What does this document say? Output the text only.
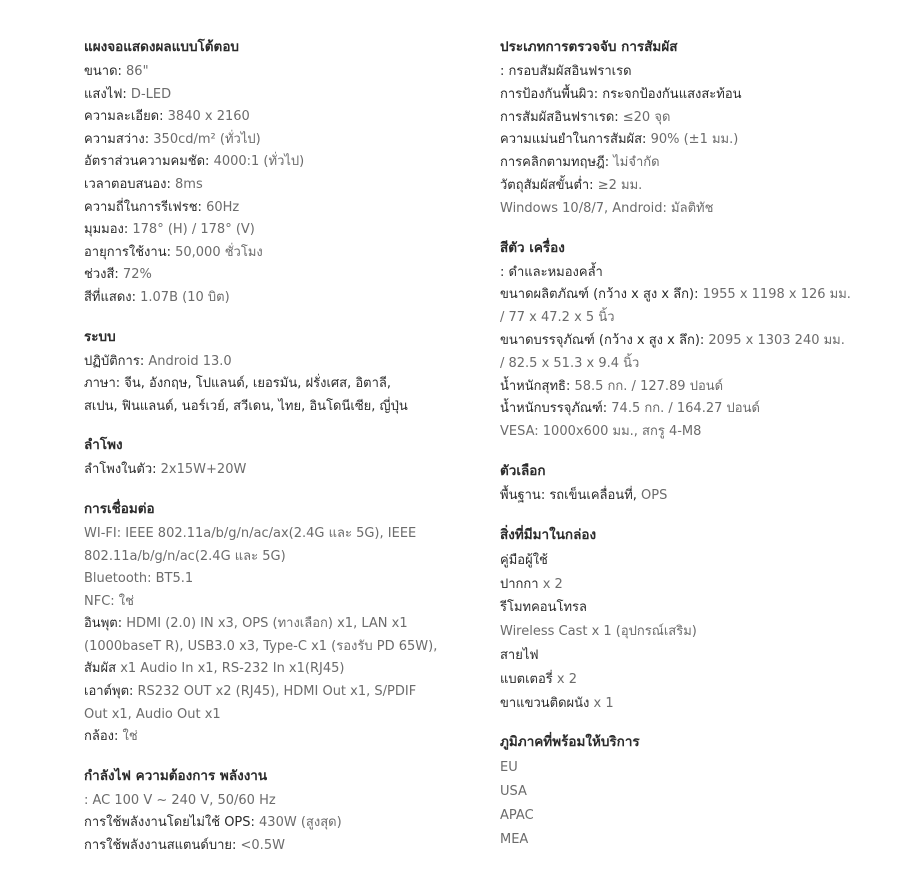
แผงจอแสดงผลแบบโต้ตอบ
ขนาด: 86"
แสงไฟ: D-LED
ความละเอียด: 3840 x 2160
ความสว่าง: 350cd/m² (ทั่วไป)
อัตราส่วนความคมชัด: 4000:1 (ทั่วไป)
เวลาตอบสนอง: 8ms
ความถี่ในการรีเฟรช: 60Hz
มุมมอง: 178° (H) / 178° (V)
อายุการใช้งาน: 50,000 ชั่วโมง
ช่วงสี: 72%
สีที่แสดง: 1.07B (10 บิต)
ระบบ
ปฏิบัติการ: Android 13.0
ภาษา: จีน, อังกฤษ, โปแลนด์, เยอรมัน, ฝรั่งเศส, อิตาลี,
สเปน, ฟินแลนด์, นอร์เวย์, สวีเดน, ไทย, อินโดนีเซีย, ญี่ปุ่น
ลำโพง
ลำโพงในตัว: 2x15W+20W
การเชื่อมต่อ
WI-FI: IEEE 802.11a/b/g/n/ac/ax(2.4G และ 5G), IEEE
802.11a/b/g/n/ac(2.4G และ 5G)
Bluetooth: BT5.1
NFC: ใช่
อินพุต: HDMI (2.0) IN x3, OPS (ทางเลือก) x1, LAN x1
(1000baseT R), USB3.0 x3, Type-C x1 (รองรับ PD 65W),
สัมผัส x1 Audio In x1, RS-232 In x1(RJ45)
เอาต์พุต: RS232 OUT x2 (RJ45), HDMI Out x1, S/PDIF
Out x1, Audio Out x1
กล้อง: ใช่
กำลังไฟ ความต้องการ พลังงาน
: AC 100 V ~ 240 V, 50/60 Hz
การใช้พลังงานโดยไม่ใช้ OPS: 430W (สูงสุด)
การใช้พลังงานสแตนด์บาย: <0.5W
ประเภทการตรวจจับ การสัมผัส
: กรอบสัมผัสอินฟราเรด
การป้องกันพื้นผิว: กระจกป้องกันแสงสะท้อน
การสัมผัสอินฟราเรด: ≤20 จุด
ความแม่นยำในการสัมผัส: 90% (±1 มม.)
การคลิกตามทฤษฎี: ไม่จำกัด
วัตถุสัมผัสขั้นต่ำ: ≥2 มม.
Windows 10/8/7, Android: มัลติทัช
สีตัว เครื่อง
: ดำและหมองคล้ำ
ขนาดผลิตภัณฑ์ (กว้าง x สูง x ลึก): 1955 x 1198 x 126 มม.
/ 77 x 47.2 x 5 นิ้ว
ขนาดบรรจุภัณฑ์ (กว้าง x สูง x ลึก): 2095 x 1303 240 มม.
/ 82.5 x 51.3 x 9.4 นิ้ว
น้ำหนักสุทธิ: 58.5 กก. / 127.89 ปอนด์
น้ำหนักบรรจุภัณฑ์: 74.5 กก. / 164.27 ปอนด์
VESA: 1000x600 มม., สกรู 4-M8
ตัวเลือก
พื้นฐาน: รถเข็นเคลื่อนที่, OPS
สิ่งที่มีมาในกล่อง
คู่มือผู้ใช้
ปากกา x 2
รีโมทคอนโทรล
Wireless Cast x 1 (อุปกรณ์เสริม)
สายไฟ
แบตเตอรี่ x 2
ขาแขวนติดผนัง x 1
ภูมิภาคที่พร้อมให้บริการ
EU
USA
APAC
MEA
